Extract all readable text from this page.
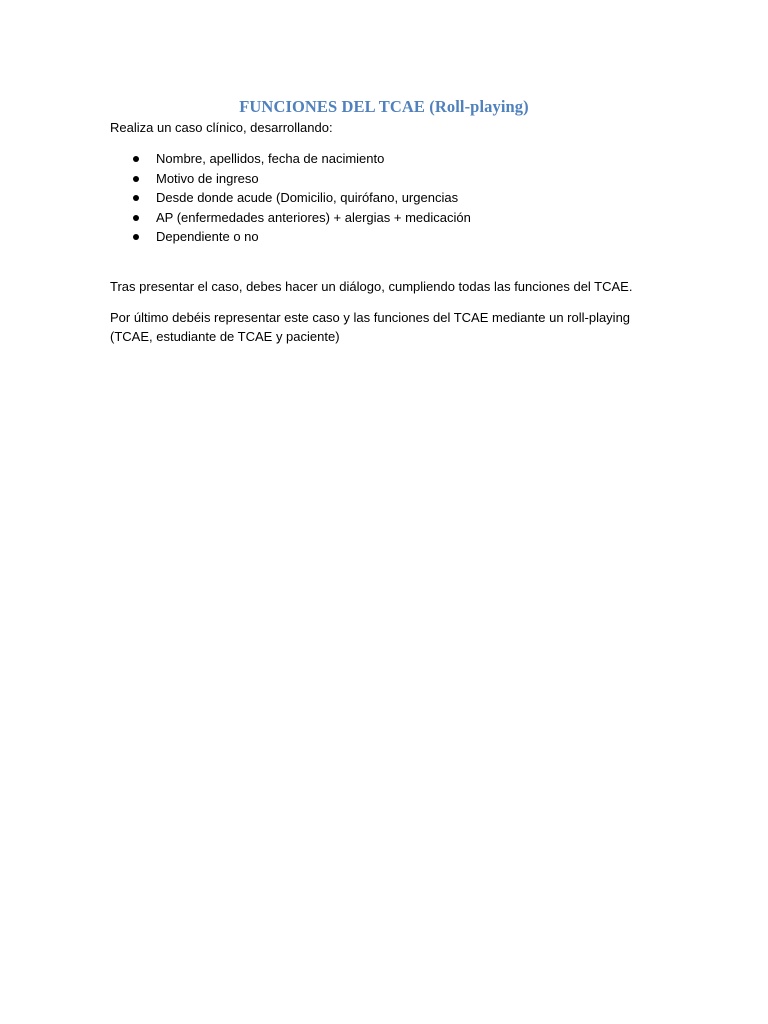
FUNCIONES DEL TCAE (Roll-playing)

Realiza un caso clínico, desarrollando:

Nombre, apellidos, fecha de nacimiento
Motivo de ingreso
Desde donde acude (Domicilio, quirófano, urgencias
AP (enfermedades anteriores) + alergias + medicación
Dependiente o no

Tras presentar el caso, debes hacer un diálogo, cumpliendo todas las funciones del TCAE.

Por último debéis representar este caso y las funciones del TCAE mediante un roll-playing (TCAE, estudiante de TCAE y paciente)
